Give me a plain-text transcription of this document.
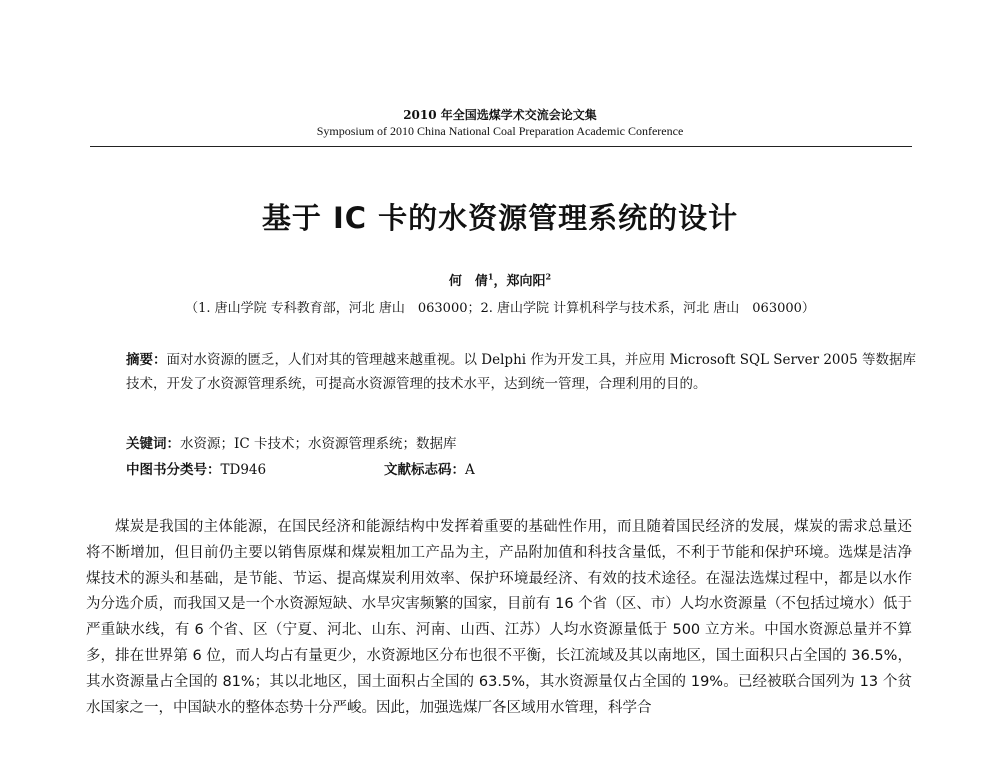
2010 年全国选煤学术交流会论文集
Symposium of 2010 China National Coal Preparation Academic Conference
基于 IC 卡的水资源管理系统的设计
何　倩$^1$，郑向阳$^2$
（1. 唐山学院 专科教育部，河北 唐山　063000；2. 唐山学院 计算机科学与技术系，河北 唐山　063000）
摘要：面对水资源的匮乏，人们对其的管理越来越重视。以 Delphi 作为开发工具，并应用 Microsoft SQL Server 2005 等数据库技术，开发了水资源管理系统，可提高水资源管理的技术水平，达到统一管理，合理利用的目的。
关键词：水资源；IC 卡技术；水资源管理系统；数据库
中图书分类号：TD946	文献标志码：A
煤炭是我国的主体能源，在国民经济和能源结构中发挥着重要的基础性作用，而且随着国民经济的发展，煤炭的需求总量还将不断增加，但目前仍主要以销售原煤和煤炭粗加工产品为主，产品附加值和科技含量低，不利于节能和保护环境。选煤是洁净煤技术的源头和基础，是节能、节运、提高煤炭利用效率、保护环境最经济、有效的技术途径。在湿法选煤过程中，都是以水作为分选介质，而我国又是一个水资源短缺、水旱灾害频繁的国家，目前有 16 个省（区、市）人均水资源量（不包括过境水）低于严重缺水线，有 6 个省、区（宁夏、河北、山东、河南、山西、江苏）人均水资源量低于 500 立方米。中国水资源总量并不算多，排在世界第 6 位，而人均占有量更少，水资源地区分布也很不平衡，长江流域及其以南地区，国土面积只占全国的 36.5%，其水资源量占全国的 81%；其以北地区，国土面积占全国的 63.5%，其水资源量仅占全国的 19%。已经被联合国列为 13 个贫水国家之一，中国缺水的整体态势十分严峻。因此，加强选煤厂各区域用水管理，科学合
